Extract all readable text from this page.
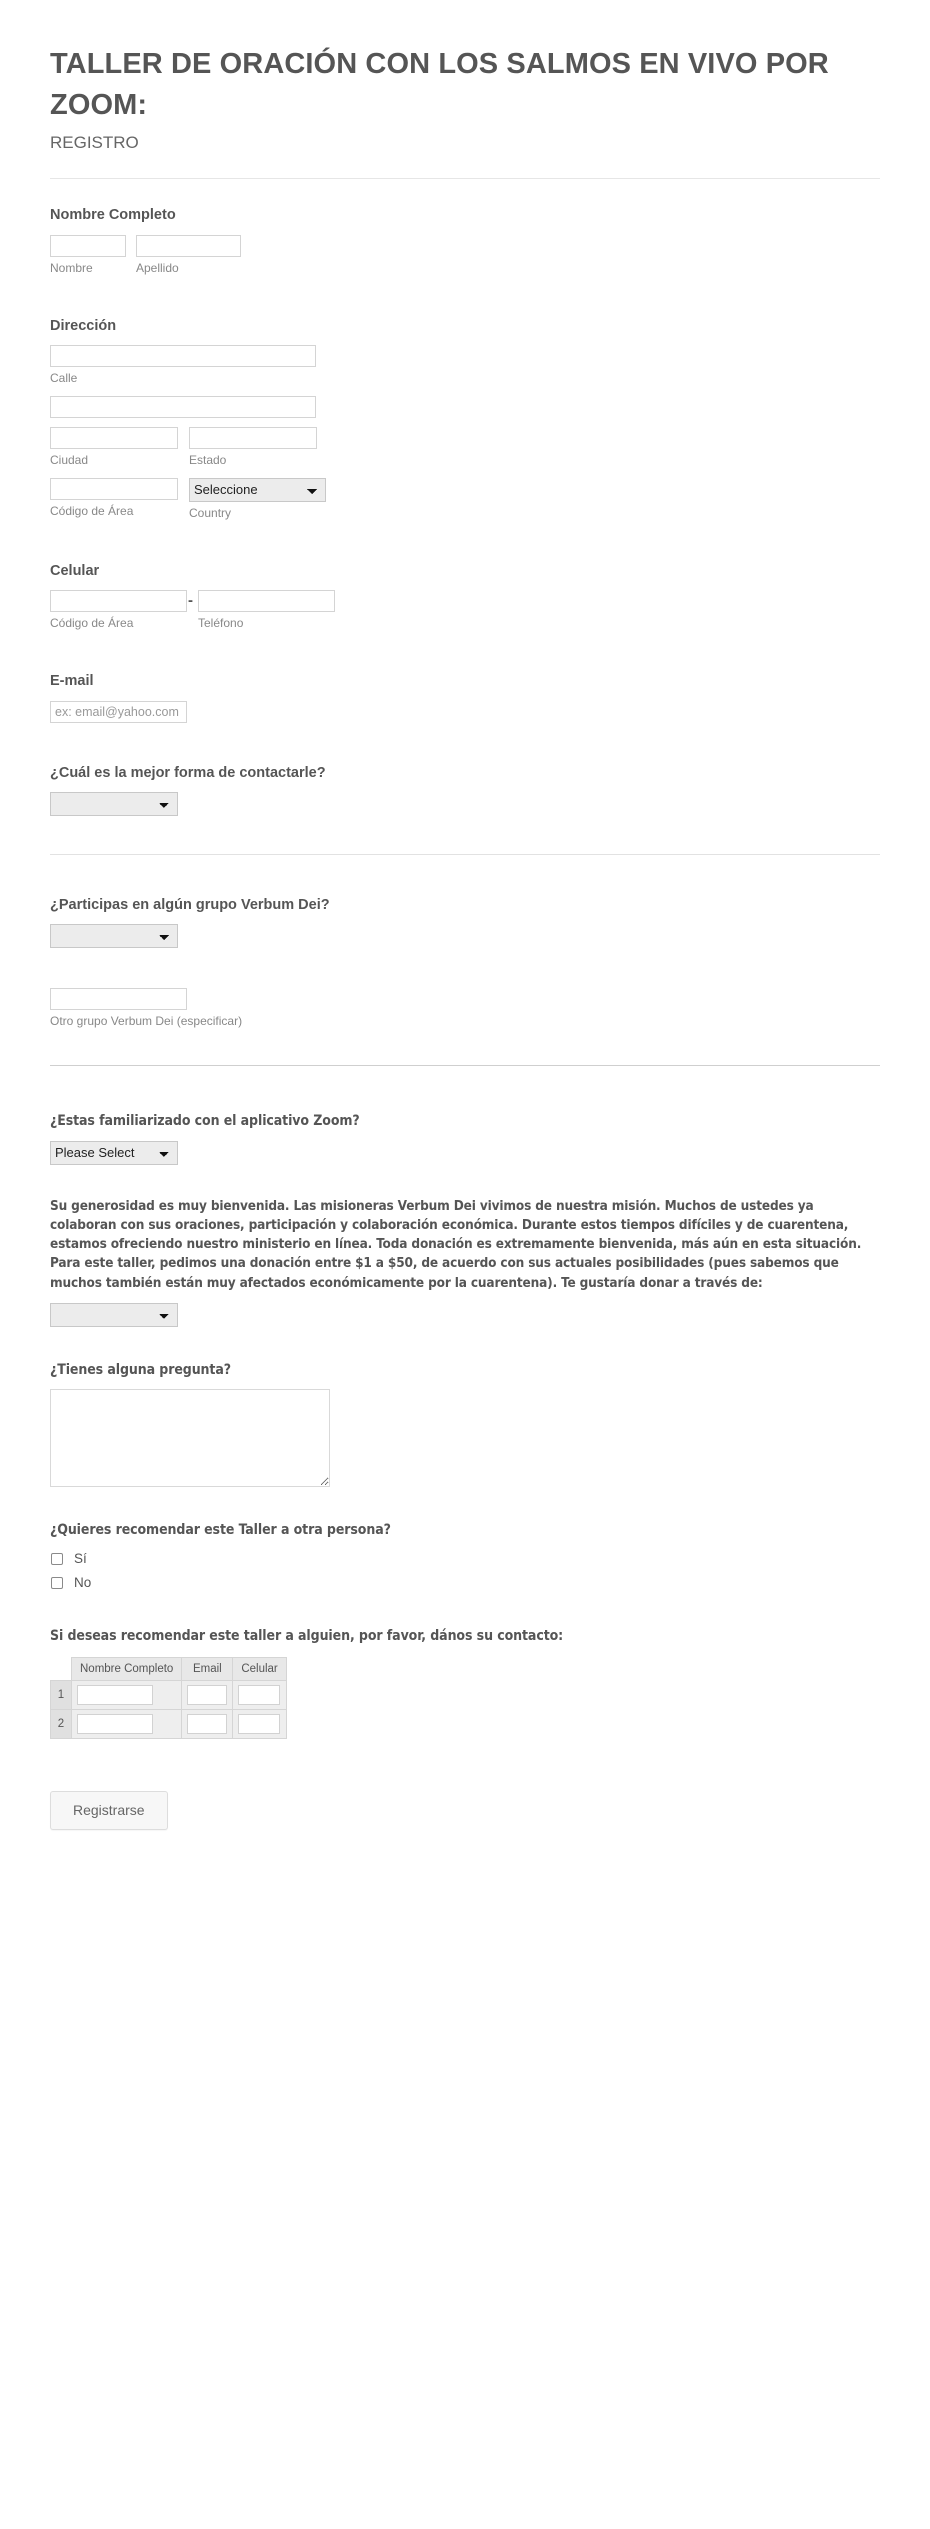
TALLER DE ORACIÓN CON LOS SALMOS EN VIVO POR ZOOM:
REGISTRO
Nombre Completo
Nombre	Apellido
Dirección
Calle
Ciudad	Estado
Código de Área
Seleccione	Country
Celular
Código de Área
-
Teléfono
E-mail
ex: email@yahoo.com
¿Cuál es la mejor forma de contactarle?
¿Participas en algún grupo Verbum Dei?
Otro grupo Verbum Dei (especificar)
¿Estas familiarizado con el aplicativo Zoom?
Please Select
Su generosidad es muy bienvenida. Las misioneras Verbum Dei vivimos de nuestra misión. Muchos de ustedes ya colaboran con sus oraciones, participación y colaboración económica. Durante estos tiempos difíciles y de cuarentena, estamos ofreciendo nuestro ministerio en línea. Toda donación es extremamente bienvenida, más aún en esta situación. Para este taller, pedimos una donación entre $1 a $50, de acuerdo con sus actuales posibilidades (pues sabemos que muchos también están muy afectados económicamente por la cuarentena). Te gustaría donar a través de:
¿Tienes alguna pregunta?
¿Quieres recomendar este Taller a otra persona?
Sí
No
Si deseas recomendar este taller a alguien, por favor, dános su contacto:
	Nombre Completo	Email	Celular
1	

2	

Registrarse
